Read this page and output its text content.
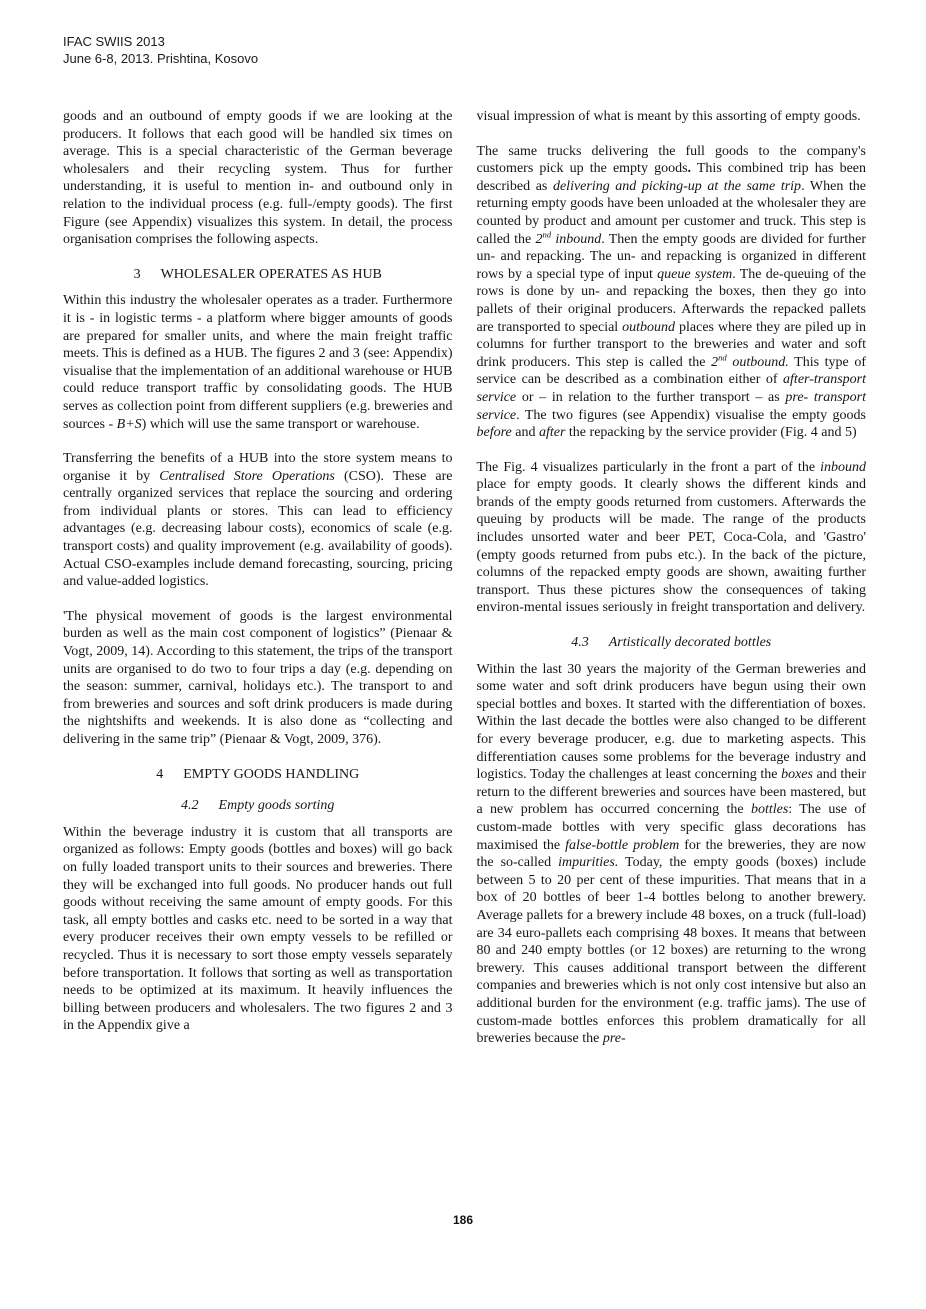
IFAC SWIIS 2013
June 6-8, 2013. Prishtina, Kosovo

goods and an outbound of empty goods if we are looking at the producers. It follows that each good will be handled six times on average. This is a special characteristic of the German beverage wholesalers and their recycling system. Thus for further understanding, it is useful to mention in- and outbound only in relation to the individual process (e.g. full-/empty goods). The first Figure (see Appendix) visualizes this system. In detail, the process organisation comprises the following aspects.

3 WHOLESALER OPERATES AS HUB

Within this industry the wholesaler operates as a trader. Furthermore it is - in logistic terms - a platform where bigger amounts of goods are prepared for smaller units, and where the main freight traffic meets. This is defined as a HUB. The figures 2 and 3 (see: Appendix) visualise that the implementation of an additional warehouse or HUB could reduce transport traffic by consolidating goods. The HUB serves as collection point from different suppliers (e.g. breweries and sources - B+S) which will use the same transport or warehouse.

Transferring the benefits of a HUB into the store system means to organise it by Centralised Store Operations (CSO). These are centrally organized services that replace the sourcing and ordering from individual plants or stores. This can lead to efficiency advantages (e.g. decreasing labour costs), economics of scale (e.g. transport costs) and quality improvement (e.g. availability of goods). Actual CSO-examples include demand forecasting, sourcing, pricing and value-added logistics.

'The physical movement of goods is the largest environmental burden as well as the main cost component of logistics” (Pienaar & Vogt, 2009, 14). According to this statement, the trips of the transport units are organised to do two to four trips a day (e.g. depending on the season: summer, carnival, holidays etc.). The transport to and from breweries and sources and soft drink producers is made during the nightshifts and weekends. It is also done as “collecting and delivering in the same trip” (Pienaar & Vogt, 2009, 376).

4 EMPTY GOODS HANDLING
4.2 Empty goods sorting

Within the beverage industry it is custom that all transports are organized as follows: Empty goods (bottles and boxes) will go back on fully loaded transport units to their sources and breweries. There they will be exchanged into full goods. No producer hands out full goods without receiving the same amount of empty goods. For this task, all empty bottles and casks etc. need to be sorted in a way that every producer receives their own empty vessels to be refilled or recycled. Thus it is necessary to sort those empty vessels separately before transportation. It follows that sorting as well as transportation needs to be optimized at its maximum. It heavily influences the billing between producers and wholesalers. The two figures 2 and 3 in the Appendix give a

visual impression of what is meant by this assorting of empty goods.

The same trucks delivering the full goods to the company's customers pick up the empty goods. This combined trip has been described as delivering and picking-up at the same trip. When the returning empty goods have been unloaded at the wholesaler they are counted by product and amount per customer and truck. This step is called the 2nd inbound. Then the empty goods are divided for further un- and repacking. The un- and repacking is organized in different rows by a special type of input queue system. The de-queuing of the rows is done by un- and repacking the boxes, then they go into pallets of their original producers. Afterwards the repacked pallets are transported to special outbound places where they are piled up in columns for further transport to the breweries and water and soft drink producers. This step is called the 2nd outbound. This type of service can be described as a combination either of after-transport service or – in relation to the further transport – as pre- transport service. The two figures (see Appendix) visualise the empty goods before and after the repacking by the service provider (Fig. 4 and 5)

The Fig. 4 visualizes particularly in the front a part of the inbound place for empty goods. It clearly shows the different kinds and brands of the empty goods returned from customers. Afterwards the queuing by products will be made. The range of the products includes unsorted water and beer PET, Coca-Cola, and 'Gastro' (empty goods returned from pubs etc.). In the back of the picture, columns of the repacked empty goods are shown, awaiting further transport. Thus these pictures show the consequences of taking environ-mental issues seriously in freight transportation and delivery.

4.3 Artistically decorated bottles

Within the last 30 years the majority of the German breweries and some water and soft drink producers have begun using their own special bottles and boxes. It started with the differentiation of boxes. Within the last decade the bottles were also changed to be different for every beverage producer, e.g. due to marketing aspects. This differentiation causes some problems for the beverage industry and logistics. Today the challenges at least concerning the boxes and their return to the different breweries and sources have been mastered, but a new problem has occurred concerning the bottles: The use of custom-made bottles with very specific glass decorations has maximised the false-bottle problem for the breweries, they are now the so-called impurities. Today, the empty goods (boxes) include between 5 to 20 per cent of these impurities. That means that in a box of 20 bottles of beer 1-4 bottles belong to another brewery. Average pallets for a brewery include 48 boxes, on a truck (full-load) are 34 euro-pallets each comprising 48 boxes. It means that between 80 and 240 empty bottles (or 12 boxes) are returning to the wrong brewery. This causes additional transport between the different companies and breweries which is not only cost intensive but also an additional burden for the environment (e.g. traffic jams). The use of custom-made bottles enforces this problem dramatically for all breweries because the pre-

186
